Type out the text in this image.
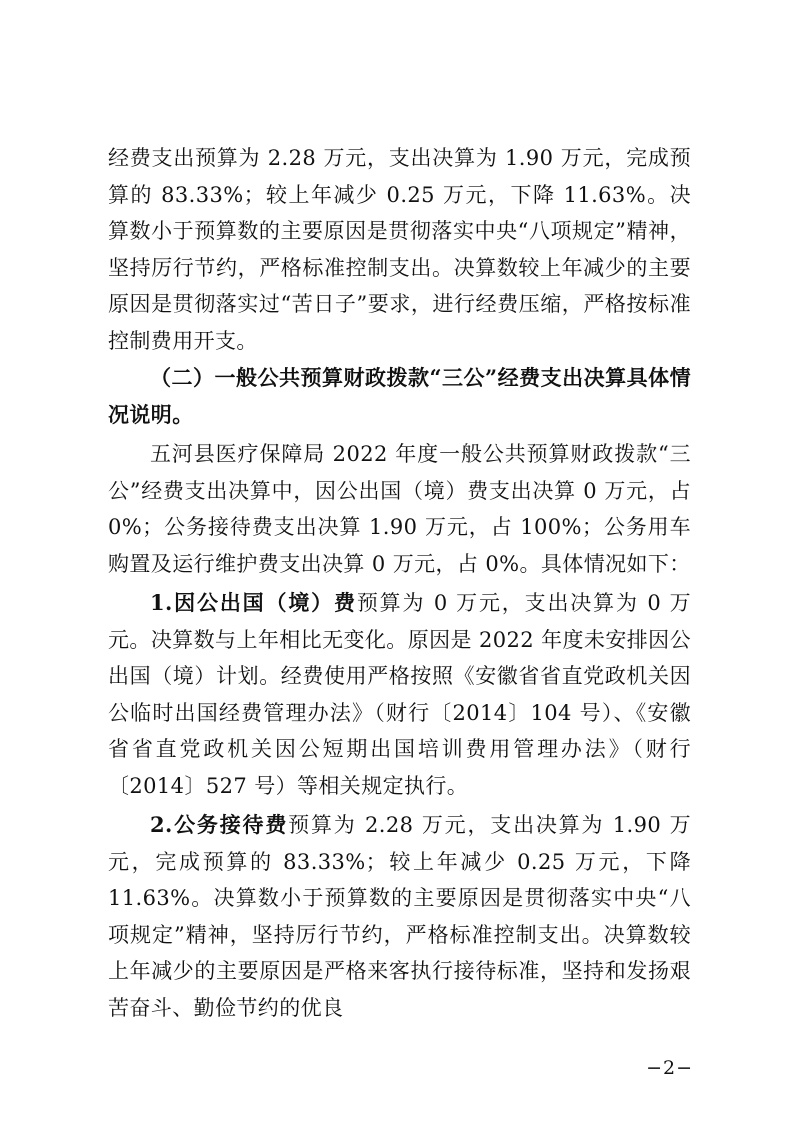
经费支出预算为 2.28 万元，支出决算为 1.90 万元，完成预算的 83.33%；较上年减少 0.25 万元，下降 11.63%。决算数小于预算数的主要原因是贯彻落实中央“八项规定”精神，坚持厉行节约，严格标准控制支出。决算数较上年减少的主要原因是贯彻落实过“苦日子”要求，进行经费压缩，严格按标准控制费用开支。

（二）一般公共预算财政拨款“三公”经费支出决算具体情况说明。

五河县医疗保障局 2022 年度一般公共预算财政拨款“三公”经费支出决算中，因公出国（境）费支出决算 0 万元，占 0%；公务接待费支出决算 1.90 万元，占 100%；公务用车购置及运行维护费支出决算 0 万元，占 0%。具体情况如下：

1.因公出国（境）费预算为 0 万元，支出决算为 0 万元。决算数与上年相比无变化。原因是 2022 年度未安排因公出国（境）计划。经费使用严格按照《安徽省省直党政机关因公临时出国经费管理办法》（财行〔2014〕104 号）、《安徽省省直党政机关因公短期出国培训费用管理办法》（财行〔2014〕527 号）等相关规定执行。

2.公务接待费预算为 2.28 万元，支出决算为 1.90 万元，完成预算的 83.33%；较上年减少 0.25 万元，下降 11.63%。决算数小于预算数的主要原因是贯彻落实中央“八项规定”精神，坚持厉行节约，严格标准控制支出。决算数较上年减少的主要原因是严格来客执行接待标准，坚持和发扬艰苦奋斗、勤俭节约的优良

−2−
